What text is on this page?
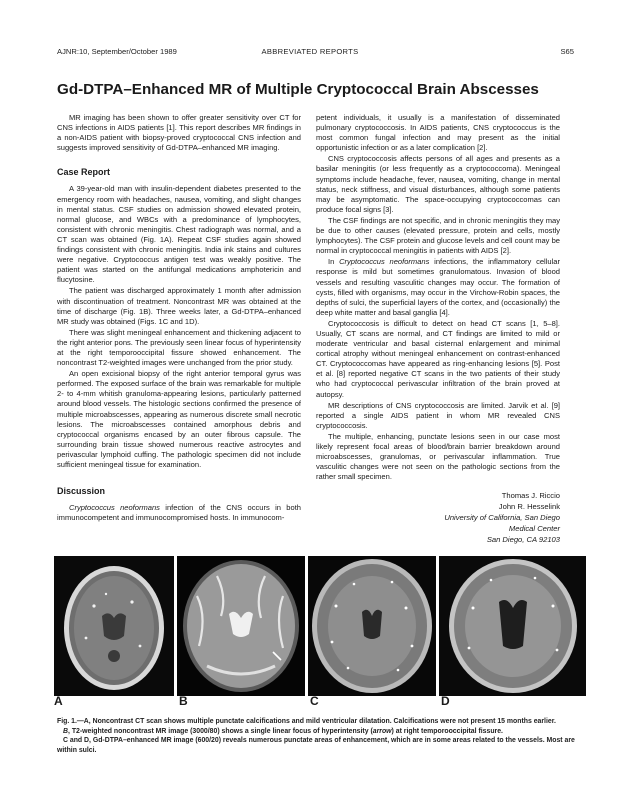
AJNR:10, September/October 1989	ABBREVIATED REPORTS	S65
Gd-DTPA–Enhanced MR of Multiple Cryptococcal Brain Abscesses

MR imaging has been shown to offer greater sensitivity over CT for CNS infections in AIDS patients [1]. This report describes MR findings in a non-AIDS patient with biopsy-proved cryptococcal CNS infection and suggests improved sensitivity of Gd-DTPA–enhanced MR imaging.

Case Report

A 39-year-old man with insulin-dependent diabetes presented to the emergency room with headaches, nausea, vomiting, and slight changes in mental status. CSF studies on admission showed elevated protein, normal glucose, and WBCs with a predominance of lymphocytes, consistent with chronic meningitis. Chest radiograph was normal, and a CT scan was obtained (Fig. 1A). Repeat CSF studies again showed findings consistent with chronic meningitis. India ink stains and cultures were negative. Cryptococcus antigen test was weakly positive. The patient was started on the antifungal medications amphotericin and flucytosine.

The patient was discharged approximately 1 month after admission with discontinuation of treatment. Noncontrast MR was obtained at the time of discharge (Fig. 1B). Three weeks later, a Gd-DTPA–enhanced MR study was obtained (Figs. 1C and 1D).

There was slight meningeal enhancement and thickening adjacent to the right anterior pons. The previously seen linear focus of hyperintensity at the right temporooccipital fissure showed enhancement. The noncontrast T2-weighted images were unchanged from the prior study.

An open excisional biopsy of the right anterior temporal gyrus was performed. The exposed surface of the brain was remarkable for multiple 2- to 4-mm whitish granuloma-appearing lesions, particularly patterned around blood vessels. The histologic sections confirmed the presence of multiple microabscesses, appearing as numerous discrete small necrotic lesions. The microabscesses contained amorphous debris and cryptococcal organisms encased by an outer fibrous capsule. The surrounding brain tissue showed numerous reactive astrocytes and perivascular lymphoid cuffing. The pathologic specimen did not include sufficient meningeal tissue for examination.

Discussion

Cryptococcus neoformans infection of the CNS occurs in both immunocompetent and immunocompromised hosts. In immunocom-

petent individuals, it usually is a manifestation of disseminated pulmonary cryptococcosis. In AIDS patients, CNS cryptococcus is the most common fungal infection and may present as the initial opportunistic infection or as a later complication [2].

CNS cryptococcosis affects persons of all ages and presents as a basilar meningitis (or less frequently as a cryptococcoma). Meningeal symptoms include headache, fever, nausea, vomiting, change in mental status, neck stiffness, and visual disturbances, although some patients may be asymptomatic. The space-occupying cryptococcomas can produce focal signs [3].

The CSF findings are not specific, and in chronic meningitis they may be due to other causes (elevated pressure, protein and cells, mostly lymphocytes). The CSF protein and glucose levels and cell count may be normal in cryptococcal meningitis in patients with AIDS [2].

In Cryptococcus neoformans infections, the inflammatory cellular response is mild but sometimes granulomatous. Invasion of blood vessels and resulting vasculitic changes may occur. The formation of cysts, filled with organisms, may occur in the Virchow-Robin spaces, the depths of sulci, the superficial layers of the cortex, and (occasionally) the deep white matter and basal ganglia [4].

Cryptococcosis is difficult to detect on head CT scans [1, 5–8]. Usually, CT scans are normal, and CT findings are limited to mild or moderate ventricular and basal cisternal enlargement and minimal cortical atrophy without meningeal enhancement on contrast-enhanced CT. Cryptococcomas have appeared as ring-enhancing lesions [5]. Post et al. [8] reported negative CT scans in the two patients of their study who had cryptococcal perivascular infiltration of the brain proved at autopsy.

MR descriptions of CNS cryptococcosis are limited. Jarvik et al. [9] reported a single AIDS patient in whom MR revealed CNS cryptococcosis.

The multiple, enhancing, punctate lesions seen in our case most likely represent focal areas of blood/brain barrier breakdown around microabscesses, granulomas, or perivascular inflammation. True vasculitic changes were not seen on the pathologic sections from the rather small specimen.

Thomas J. Riccio
John R. Hesselink
University of California, San Diego
Medical Center
San Diego, CA 92103
A	B	C	D

Fig. 1.—A, Noncontrast CT scan shows multiple punctate calcifications and mild ventricular dilatation. Calcifications were not present 15 months earlier.

B, T2-weighted noncontrast MR image (3000/80) shows a single linear focus of hyperintensity (arrow) at right temporooccipital fissure.

C and D, Gd-DTPA–enhanced MR image (600/20) reveals numerous punctate areas of enhancement, which are in some areas related to the vessels. Most are within sulci.
